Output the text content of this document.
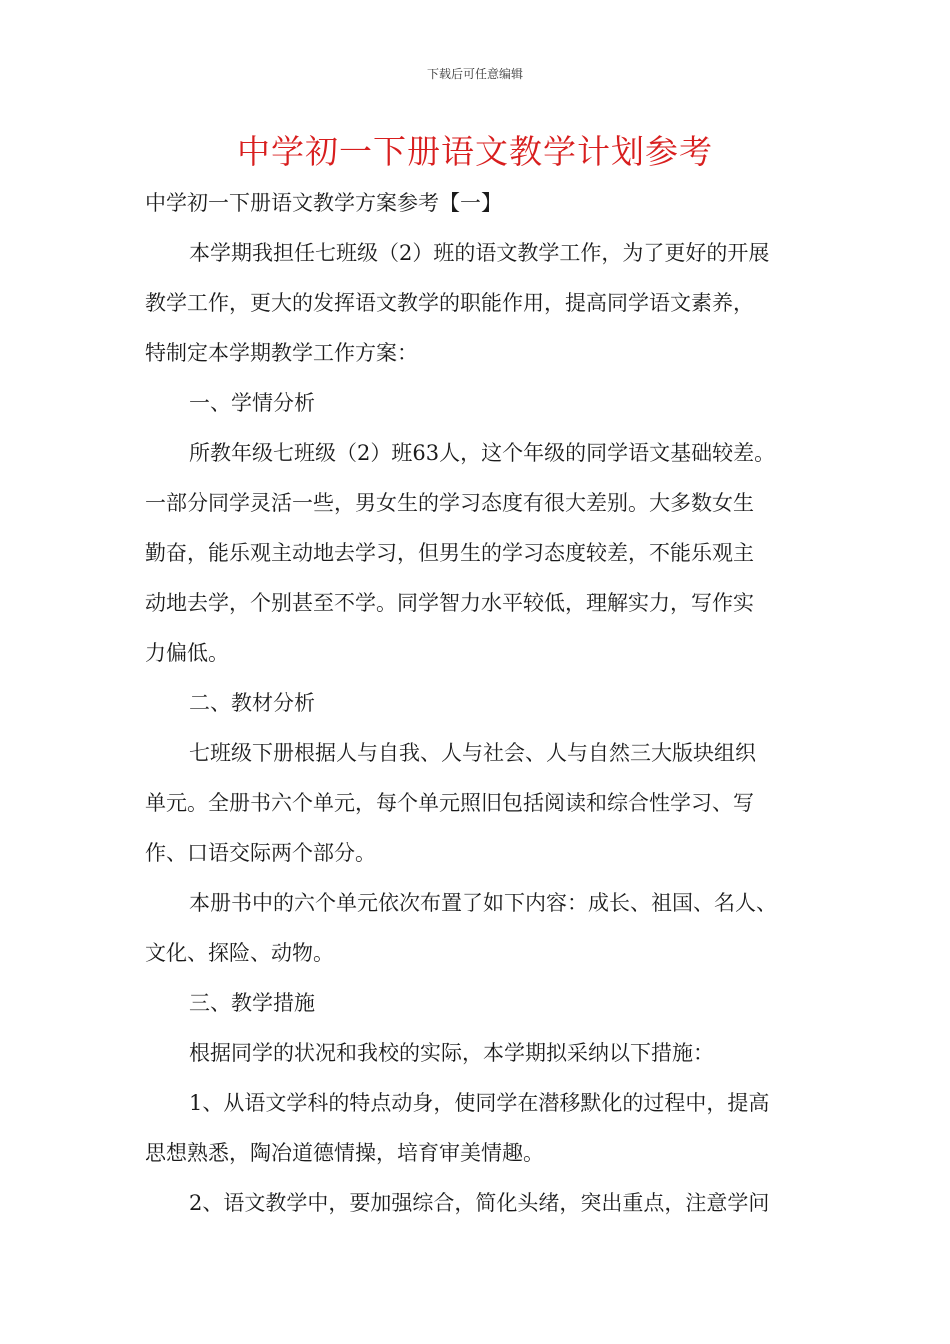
下载后可任意编辑
中学初一下册语文教学计划参考
中学初一下册语文教学方案参考【一】
本学期我担任七班级（2）班的语文教学工作，为了更好的开展
教学工作，更大的发挥语文教学的职能作用，提高同学语文素养，
特制定本学期教学工作方案：
一、学情分析
所教年级七班级（2）班63人，这个年级的同学语文基础较差。
一部分同学灵活一些，男女生的学习态度有很大差别。大多数女生
勤奋，能乐观主动地去学习，但男生的学习态度较差，不能乐观主
动地去学，个别甚至不学。同学智力水平较低，理解实力，写作实
力偏低。
二、教材分析
七班级下册根据人与自我、人与社会、人与自然三大版块组织
单元。全册书六个单元，每个单元照旧包括阅读和综合性学习、写
作、口语交际两个部分。
本册书中的六个单元依次布置了如下内容：成长、祖国、名人、
文化、探险、动物。
三、教学措施
根据同学的状况和我校的实际，本学期拟采纳以下措施：
1、从语文学科的特点动身，使同学在潜移默化的过程中，提高
思想熟悉，陶冶道德情操，培育审美情趣。
2、语文教学中，要加强综合，简化头绪，突出重点，注意学问
